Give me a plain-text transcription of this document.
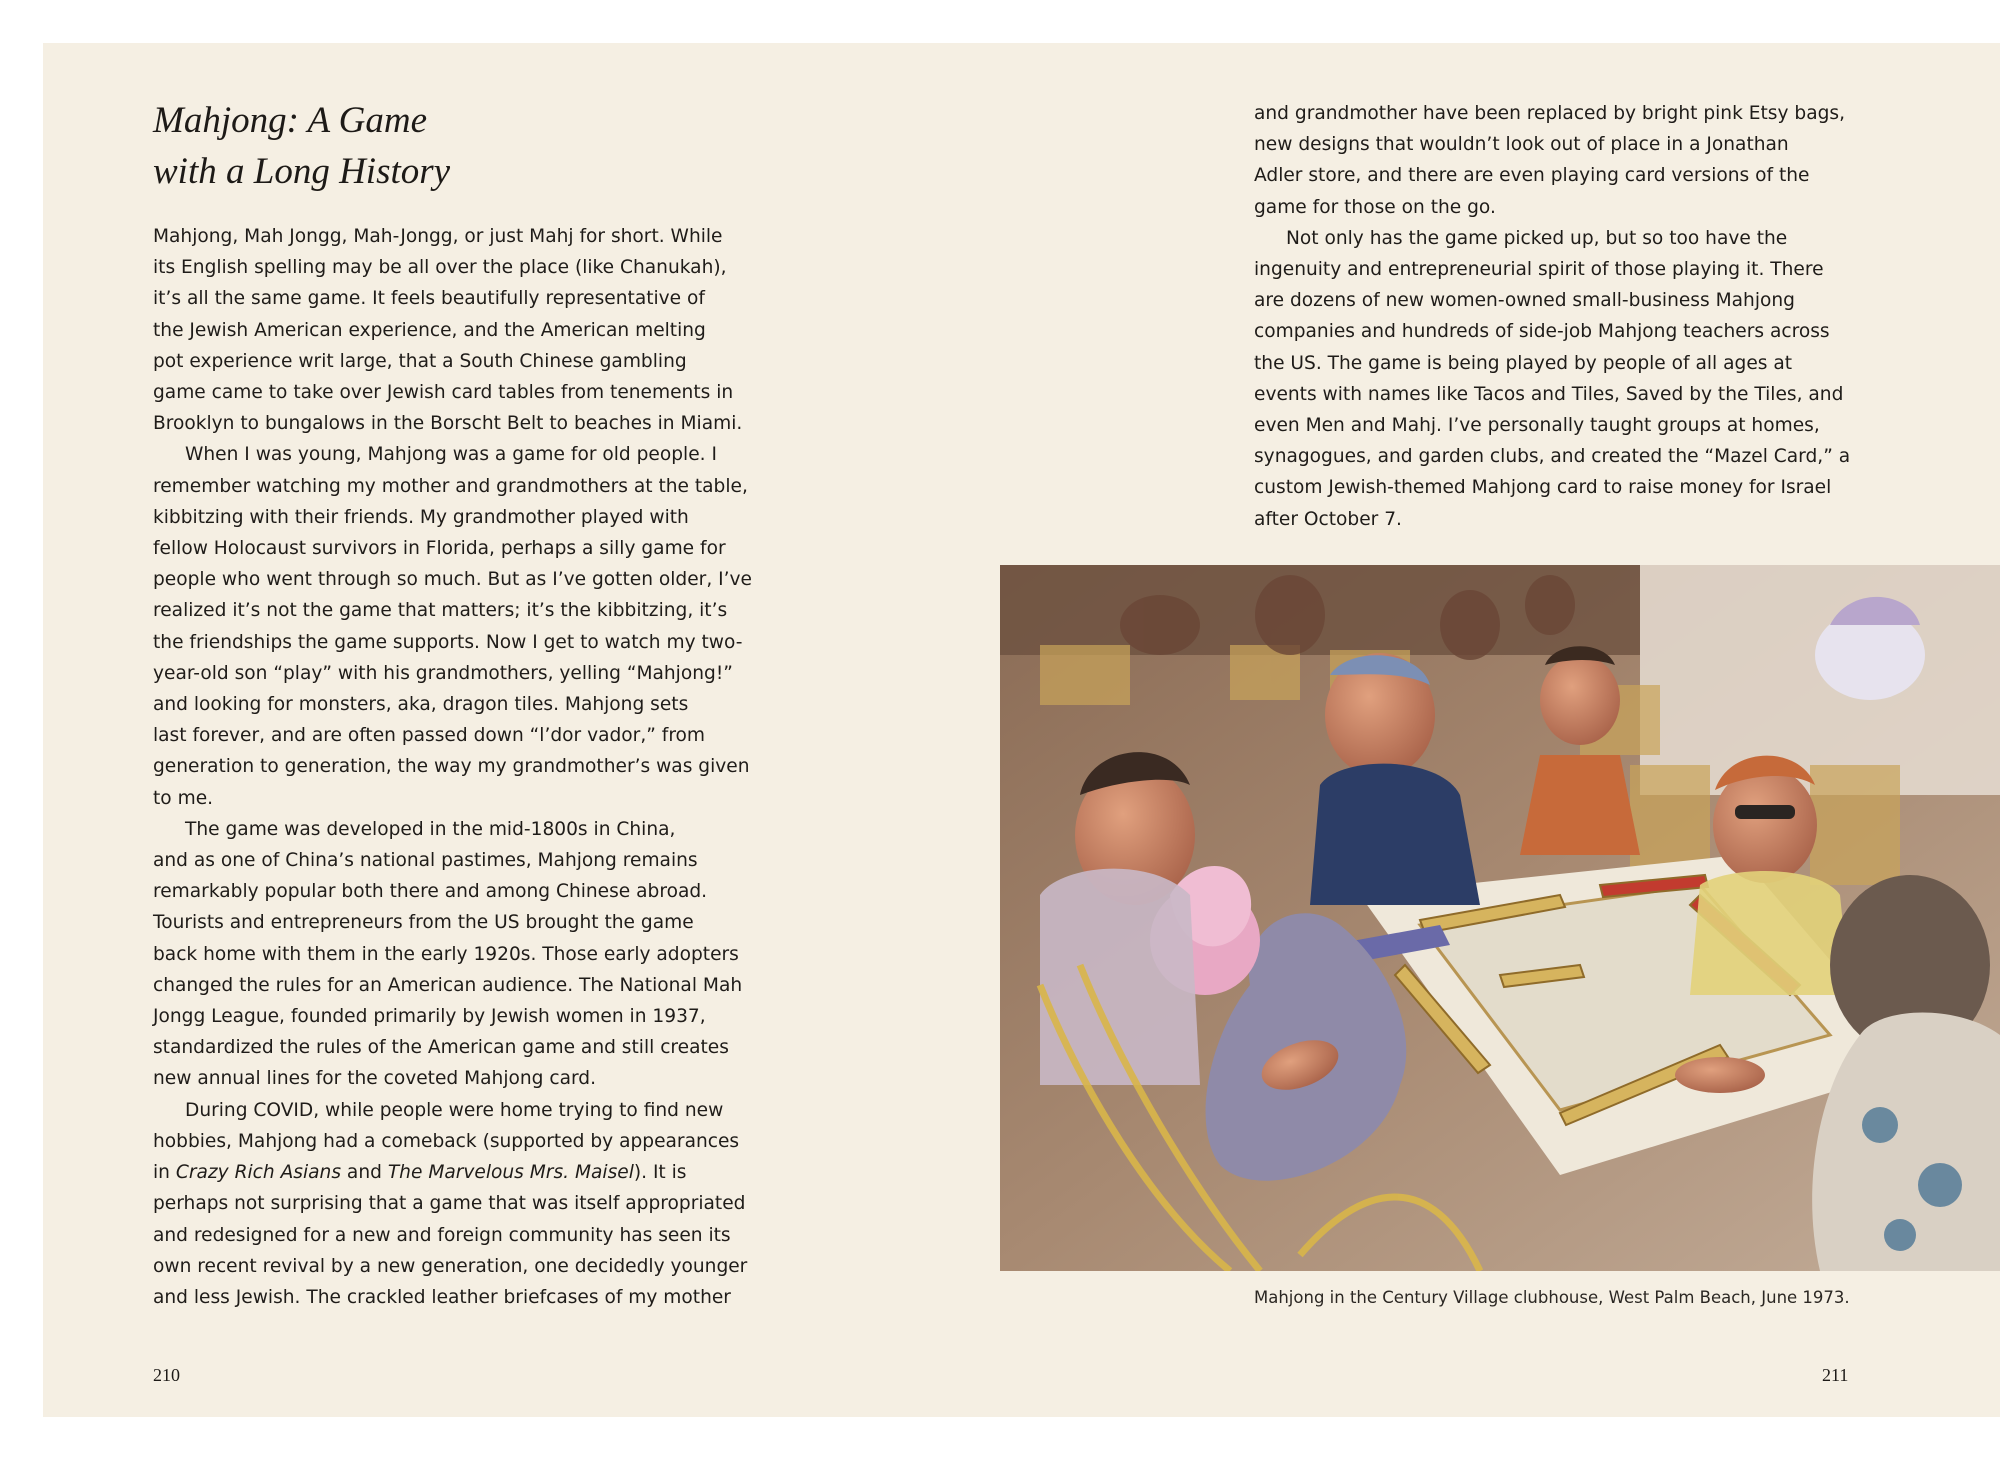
Mahjong: A Game
with a Long History

Mahjong, Mah Jongg, Mah-Jongg, or just Mahj for short. While
its English spelling may be all over the place (like Chanukah),
it’s all the same game. It feels beautifully representative of
the Jewish American experience, and the American melting
pot experience writ large, that a South Chinese gambling
game came to take over Jewish card tables from tenements in
Brooklyn to bungalows in the Borscht Belt to beaches in Miami.

When I was young, Mahjong was a game for old people. I
remember watching my mother and grandmothers at the table,
kibbitzing with their friends. My grandmother played with
fellow Holocaust survivors in Florida, perhaps a silly game for
people who went through so much. But as I’ve gotten older, I’ve
realized it’s not the game that matters; it’s the kibbitzing, it’s
the friendships the game supports. Now I get to watch my two-
year-old son “play” with his grandmothers, yelling “Mahjong!”
and looking for monsters, aka, dragon tiles. Mahjong sets
last forever, and are often passed down “l’dor vador,” from
generation to generation, the way my grandmother’s was given
to me.

The game was developed in the mid-1800s in China,
and as one of China’s national pastimes, Mahjong remains
remarkably popular both there and among Chinese abroad.
Tourists and entrepreneurs from the US brought the game
back home with them in the early 1920s. Those early adopters
changed the rules for an American audience. The National Mah
Jongg League, founded primarily by Jewish women in 1937,
standardized the rules of the American game and still creates
new annual lines for the coveted Mahjong card.

During COVID, while people were home trying to find new
hobbies, Mahjong had a comeback (supported by appearances
in Crazy Rich Asians and The Marvelous Mrs. Maisel). It is
perhaps not surprising that a game that was itself appropriated
and redesigned for a new and foreign community has seen its
own recent revival by a new generation, one decidedly younger
and less Jewish. The crackled leather briefcases of my mother

and grandmother have been replaced by bright pink Etsy bags,
new designs that wouldn’t look out of place in a Jonathan
Adler store, and there are even playing card versions of the
game for those on the go.

Not only has the game picked up, but so too have the
ingenuity and entrepreneurial spirit of those playing it. There
are dozens of new women-owned small-business Mahjong
companies and hundreds of side-job Mahjong teachers across
the US. The game is being played by people of all ages at
events with names like Tacos and Tiles, Saved by the Tiles, and
even Men and Mahj. I’ve personally taught groups at homes,
synagogues, and garden clubs, and created the “Mazel Card,” a
custom Jewish-themed Mahjong card to raise money for Israel
after October 7.

Mahjong in the Century Village clubhouse, West Palm Beach, June 1973.
210	211
